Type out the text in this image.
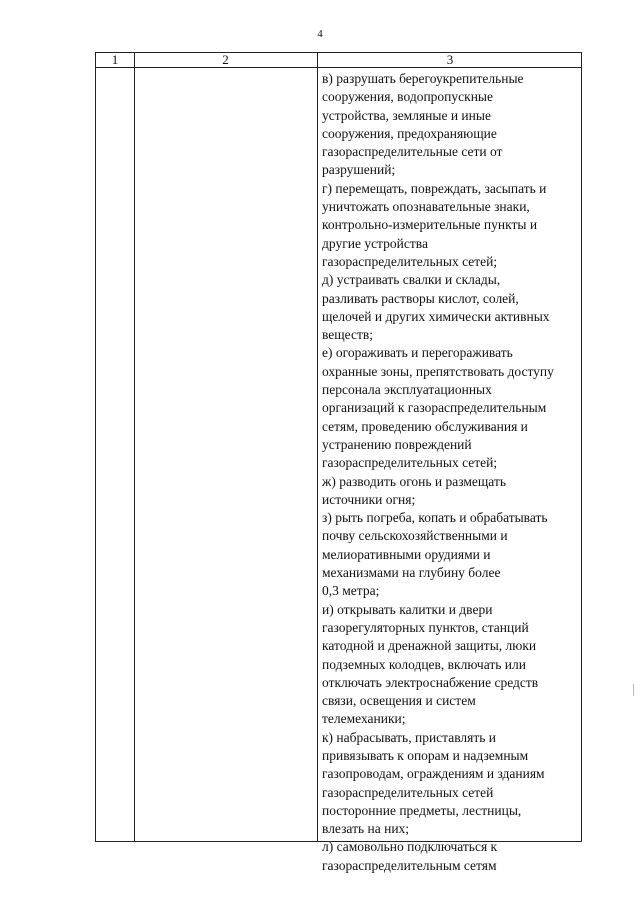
4
1	2	3
в) разрушать берегоукрепительные
сооружения, водопропускные
устройства, земляные и иные
сооружения, предохраняющие
газораспределительные сети от
разрушений;
г) перемещать, повреждать, засыпать и
уничтожать опознавательные знаки,
контрольно-измерительные пункты и
другие устройства
газораспределительных сетей;
д) устраивать свалки и склады,
разливать растворы кислот, солей,
щелочей и других химически активных
веществ;
е) огораживать и перегораживать
охранные зоны, препятствовать доступу
персонала эксплуатационных
организаций к газораспределительным
сетям, проведению обслуживания и
устранению повреждений
газораспределительных сетей;
ж) разводить огонь и размещать
источники огня;
з) рыть погреба, копать и обрабатывать
почву сельскохозяйственными и
мелиоративными орудиями и
механизмами на глубину более
0,3 метра;
и) открывать калитки и двери
газорегуляторных пунктов, станций
катодной и дренажной защиты, люки
подземных колодцев, включать или
отключать электроснабжение средств
связи, освещения и систем
телемеханики;
к) набрасывать, приставлять и
привязывать к опорам и надземным
газопроводам, ограждениям и зданиям
газораспределительных сетей
посторонние предметы, лестницы,
влезать на них;
л) самовольно подключаться к
газораспределительным сетям
